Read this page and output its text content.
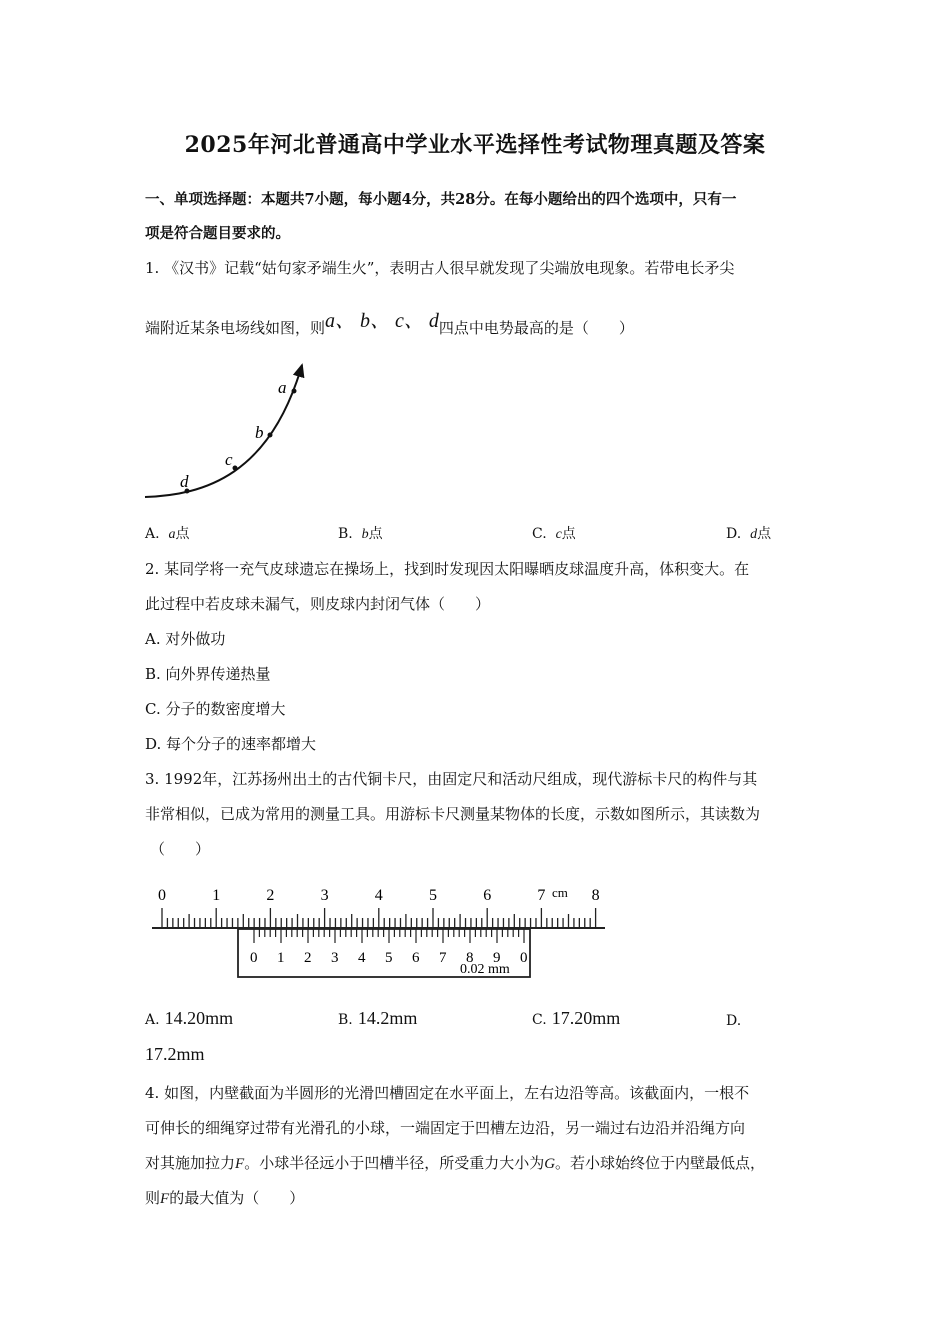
2025年河北普通高中学业水平选择性考试物理真题及答案
一、单项选择题：本题共7小题，每小题4分，共28分。在每小题给出的四个选项中，只有一
项是符合题目要求的。
1. 《汉书》记载“姑句家矛端生火”，表明古人很早就发现了尖端放电现象。若带电长矛尖
端附近某条电场线如图，则a、 b、 c、 d四点中电势最高的是（　　）
a
b
c
d
A. a点	B. b点	C. c点	D. d点
2. 某同学将一充气皮球遗忘在操场上，找到时发现因太阳曝晒皮球温度升高，体积变大。在
此过程中若皮球未漏气，则皮球内封闭气体（　　）
A. 对外做功
B. 向外界传递热量
C. 分子的数密度增大
D. 每个分子的速率都增大
3. 1992年，江苏扬州出土的古代铜卡尺，由固定尺和活动尺组成，现代游标卡尺的构件与其
非常相似，已成为常用的测量工具。用游标卡尺测量某物体的长度，示数如图所示，其读数为
（　　）
0	1	2	3	4	5	6	7	8
cm
0 1 2 3 4 5 6 7 8 9 0
0.02 mm
A. 14.20mm	B. 14.2mm	C. 17.20mm	D.
17.2mm
4. 如图，内壁截面为半圆形的光滑凹槽固定在水平面上，左右边沿等高。该截面内，一根不
可伸长的细绳穿过带有光滑孔的小球，一端固定于凹槽左边沿，另一端过右边沿并沿绳方向
对其施加拉力F。小球半径远小于凹槽半径，所受重力大小为G。若小球始终位于内壁最低点，
则F的最大值为（　　）
